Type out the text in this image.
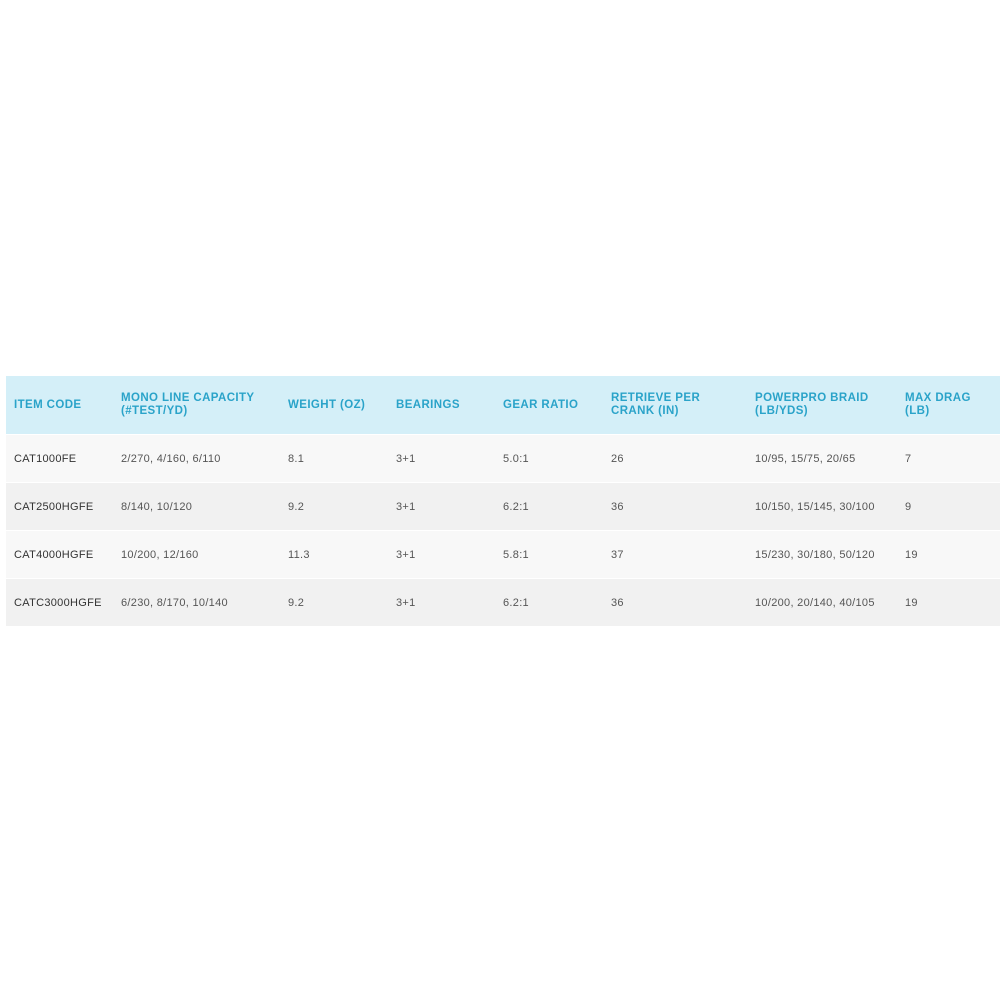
ITEM CODE	MONO LINE CAPACITY (#TEST/YD)	WEIGHT (OZ)	BEARINGS	GEAR RATIO	RETRIEVE PER CRANK (IN)	POWERPRO BRAID (LB/YDS)	MAX DRAG (LB)
CAT1000FE	2/270, 4/160, 6/110	8.1	3+1	5.0:1	26	10/95, 15/75, 20/65	7
CAT2500HGFE	8/140, 10/120	9.2	3+1	6.2:1	36	10/150, 15/145, 30/100	9
CAT4000HGFE	10/200, 12/160	11.3	3+1	5.8:1	37	15/230, 30/180, 50/120	19
CATC3000HGFE	6/230, 8/170, 10/140	9.2	3+1	6.2:1	36	10/200, 20/140, 40/105	19
